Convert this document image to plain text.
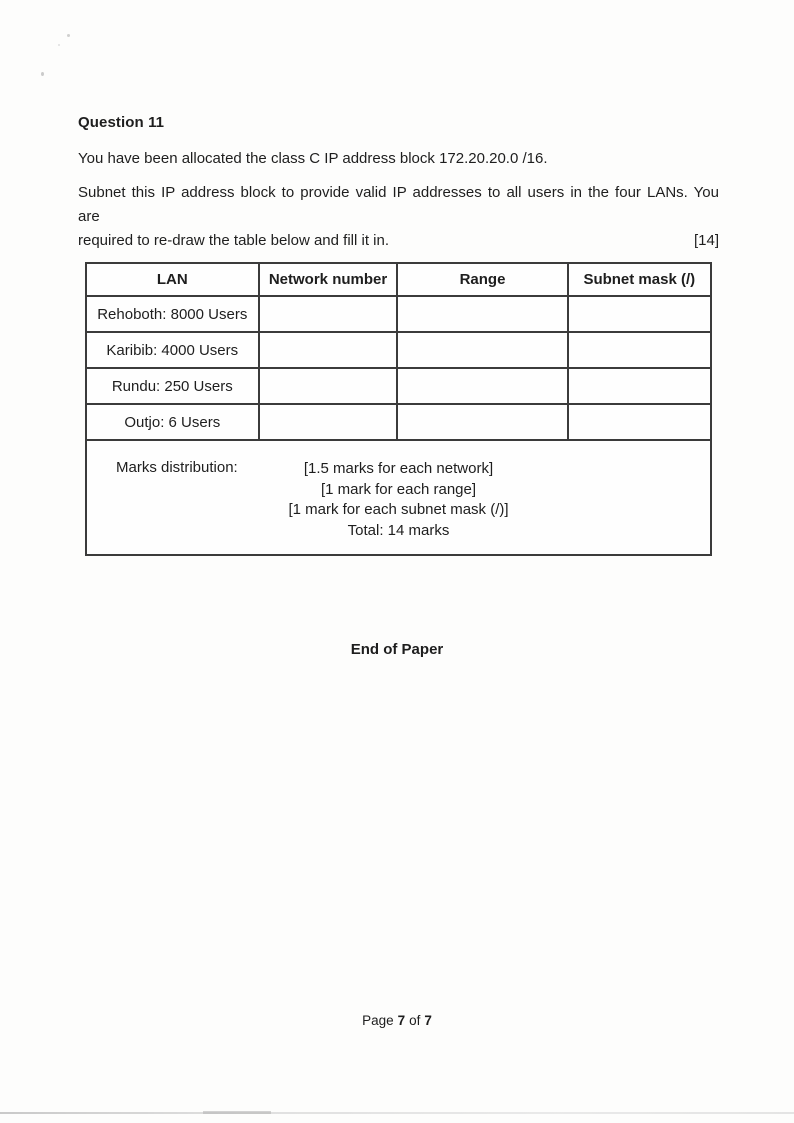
Question 11
You have been allocated the class C IP address block 172.20.20.0 /16.
Subnet this IP address block to provide valid IP addresses to all users in the four LANs. You are
required to re-draw the table below and fill it in.	[14]
LAN	Network number	Range	Subnet mask (/)
Rehoboth: 8000 Users
Karibib: 4000 Users
Rundu: 250 Users
Outjo: 6 Users
Marks distribution:	[1.5 marks for each network]
[1 mark for each range]
[1 mark for each subnet mask (/)]
Total: 14 marks
End of Paper
Page 7 of 7
